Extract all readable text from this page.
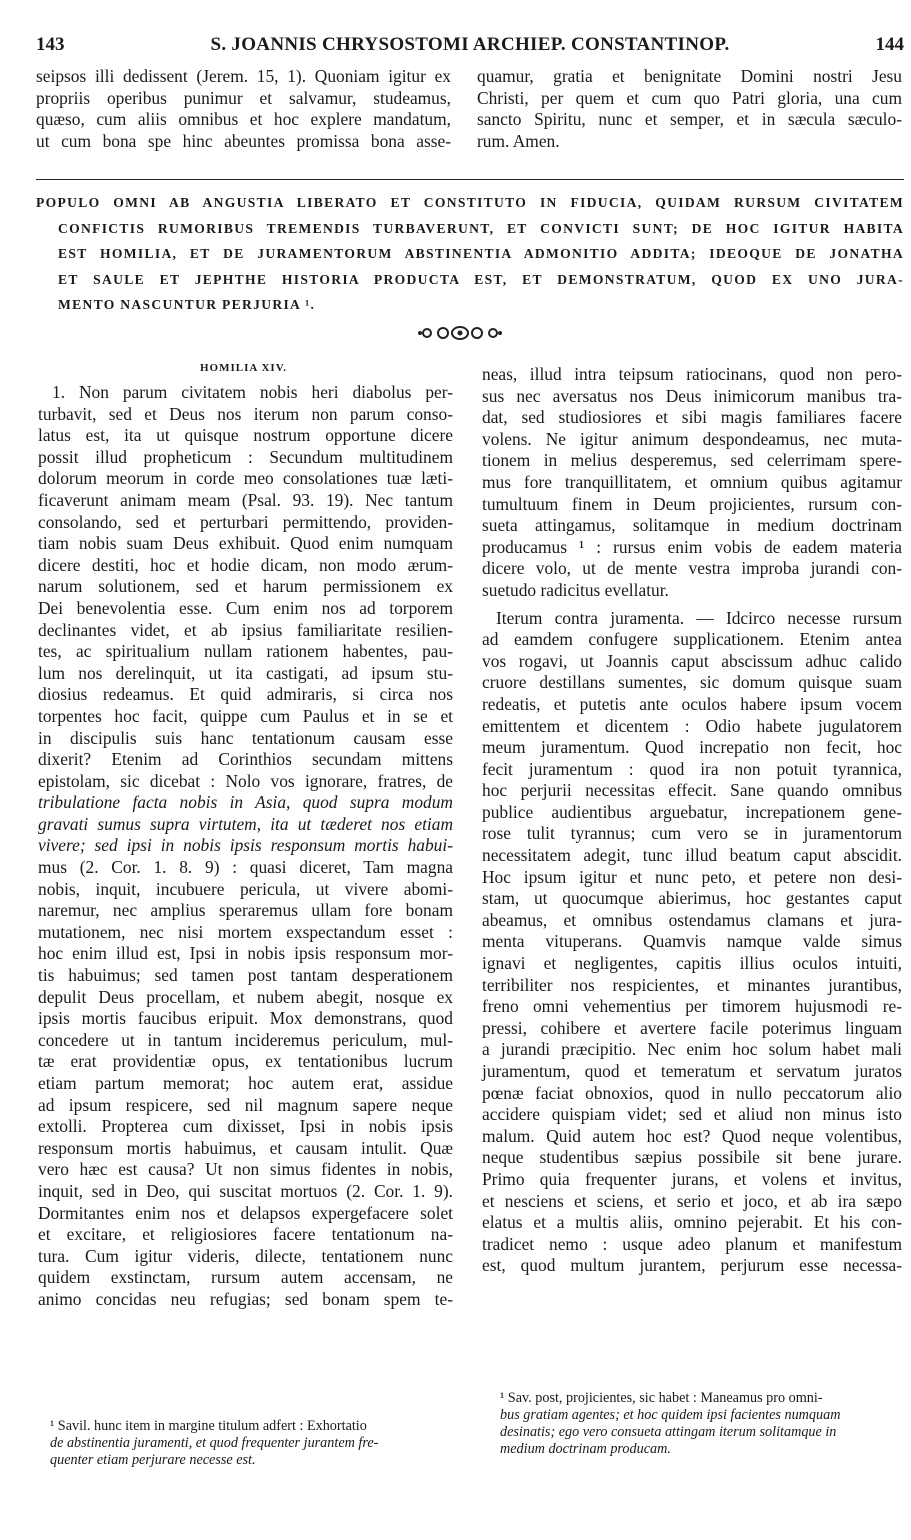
143	S. JOANNIS CHRYSOSTOMI ARCHIEP. CONSTANTINOP.	144
seipsos illi dedissent (Jerem. 15, 1). Quoniam igitur ex
propriis operibus punimur et salvamur, studeamus,
quæso, cum aliis omnibus et hoc explere mandatum,
ut cum bona spe hinc abeuntes promissa bona asse-
quamur, gratia et benignitate Domini nostri Jesu
Christi, per quem et cum quo Patri gloria, una cum
sancto Spiritu, nunc et semper, et in sæcula sæculo-
rum. Amen.
POPULO OMNI AB ANGUSTIA LIBERATO ET CONSTITUTO IN FIDUCIA, QUIDAM RURSUM CIVITATEM
CONFICTIS RUMORIBUS TREMENDIS TURBAVERUNT, ET CONVICTI SUNT; DE HOC IGITUR HABITA
EST HOMILIA, ET DE JURAMENTORUM ABSTINENTIA ADMONITIO ADDITA; IDEOQUE DE JONATHA
ET SAULE ET JEPHTHE HISTORIA PRODUCTA EST, ET DEMONSTRATUM, QUOD EX UNO JURA-
MENTO NASCUNTUR PERJURIA ¹.
HOMILIA XIV.
1. Non parum civitatem nobis heri diabolus per-
turbavit, sed et Deus nos iterum non parum conso-
latus est, ita ut quisque nostrum opportune dicere
possit illud propheticum : Secundum multitudinem
dolorum meorum in corde meo consolationes tuæ læti-
ficaverunt animam meam (Psal. 93. 19). Nec tantum
consolando, sed et perturbari permittendo, providen-
tiam nobis suam Deus exhibuit. Quod enim numquam
dicere destiti, hoc et hodie dicam, non modo ærum-
narum solutionem, sed et harum permissionem ex
Dei benevolentia esse. Cum enim nos ad torporem
declinantes videt, et ab ipsius familiaritate resilien-
tes, ac spiritualium nullam rationem habentes, pau-
lum nos derelinquit, ut ita castigati, ad ipsum stu-
diosius redeamus. Et quid admiraris, si circa nos
torpentes hoc facit, quippe cum Paulus et in se et
in discipulis suis hanc tentationum causam esse
dixerit? Etenim ad Corinthios secundam mittens
epistolam, sic dicebat : Nolo vos ignorare, fratres, de
tribulatione facta nobis in Asia, quod supra modum
gravati sumus supra virtutem, ita ut tæderet nos etiam
vivere; sed ipsi in nobis ipsis responsum mortis habui-
mus (2. Cor. 1. 8. 9) : quasi diceret, Tam magna
nobis, inquit, incubuere pericula, ut vivere abomi-
naremur, nec amplius speraremus ullam fore bonam
mutationem, nec nisi mortem exspectandum esset :
hoc enim illud est, Ipsi in nobis ipsis responsum mor-
tis habuimus; sed tamen post tantam desperationem
depulit Deus procellam, et nubem abegit, nosque ex
ipsis mortis faucibus eripuit. Mox demonstrans, quod
concedere ut in tantum incideremus periculum, mul-
tæ erat providentiæ opus, ex tentationibus lucrum
etiam partum memorat; hoc autem erat, assidue
ad ipsum respicere, sed nil magnum sapere neque
extolli. Propterea cum dixisset, Ipsi in nobis ipsis
responsum mortis habuimus, et causam intulit. Quæ
vero hæc est causa? Ut non simus fidentes in nobis,
inquit, sed in Deo, qui suscitat mortuos (2. Cor. 1. 9).
Dormitantes enim nos et delapsos expergefacere solet
et excitare, et religiosiores facere tentationum na-
tura. Cum igitur videris, dilecte, tentationem nunc
quidem exstinctam, rursum autem accensam, ne
animo concidas neu refugias; sed bonam spem te-
¹ Savil. hunc item in margine titulum adfert : Exhortatio
de abstinentia juramenti, et quod frequenter jurantem fre-
quenter etiam perjurare necesse est.
neas, illud intra teipsum ratiocinans, quod non pero-
sus nec aversatus nos Deus inimicorum manibus tra-
dat, sed studiosiores et sibi magis familiares facere
volens. Ne igitur animum despondeamus, nec muta-
tionem in melius desperemus, sed celerrimam spere-
mus fore tranquillitatem, et omnium quibus agitamur
tumultuum finem in Deum projicientes, rursum con-
sueta attingamus, solitamque in medium doctrinam
producamus ¹ : rursus enim vobis de eadem materia
dicere volo, ut de mente vestra improba jurandi con-
suetudo radicitus evellatur.
Iterum contra juramenta. — Idcirco necesse rursum
ad eamdem confugere supplicationem. Etenim antea
vos rogavi, ut Joannis caput abscissum adhuc calido
cruore destillans sumentes, sic domum quisque suam
redeatis, et putetis ante oculos habere ipsum vocem
emittentem et dicentem : Odio habete jugulatorem
meum juramentum. Quod increpatio non fecit, hoc
fecit juramentum : quod ira non potuit tyrannica,
hoc perjurii necessitas effecit. Sane quando omnibus
publice audientibus arguebatur, increpationem gene-
rose tulit tyrannus; cum vero se in juramentorum
necessitatem adegit, tunc illud beatum caput abscidit.
Hoc ipsum igitur et nunc peto, et petere non desi-
stam, ut quocumque abierimus, hoc gestantes caput
abeamus, et omnibus ostendamus clamans et jura-
menta vituperans. Quamvis namque valde simus
ignavi et negligentes, capitis illius oculos intuiti,
terribiliter nos respicientes, et minantes jurantibus,
freno omni vehementius per timorem hujusmodi re-
pressi, cohibere et avertere facile poterimus linguam
a jurandi præcipitio. Nec enim hoc solum habet mali
juramentum, quod et temeratum et servatum juratos
pœnæ faciat obnoxios, quod in nullo peccatorum alio
accidere quispiam videt; sed et aliud non minus isto
malum. Quid autem hoc est? Quod neque volentibus,
neque studentibus sæpius possibile sit bene jurare.
Primo quia frequenter jurans, et volens et invitus,
et nesciens et sciens, et serio et joco, et ab ira sæpo
elatus et a multis aliis, omnino pejerabit. Et his con-
tradicet nemo : usque adeo planum et manifestum
est, quod multum jurantem, perjurum esse necessa-
¹ Sav. post, projicientes, sic habet : Maneamus pro omni-
bus gratiam agentes; et hoc quidem ipsi facientes numquam
desinatis; ego vero consueta attingam iterum solitamque in
medium doctrinam producam.
